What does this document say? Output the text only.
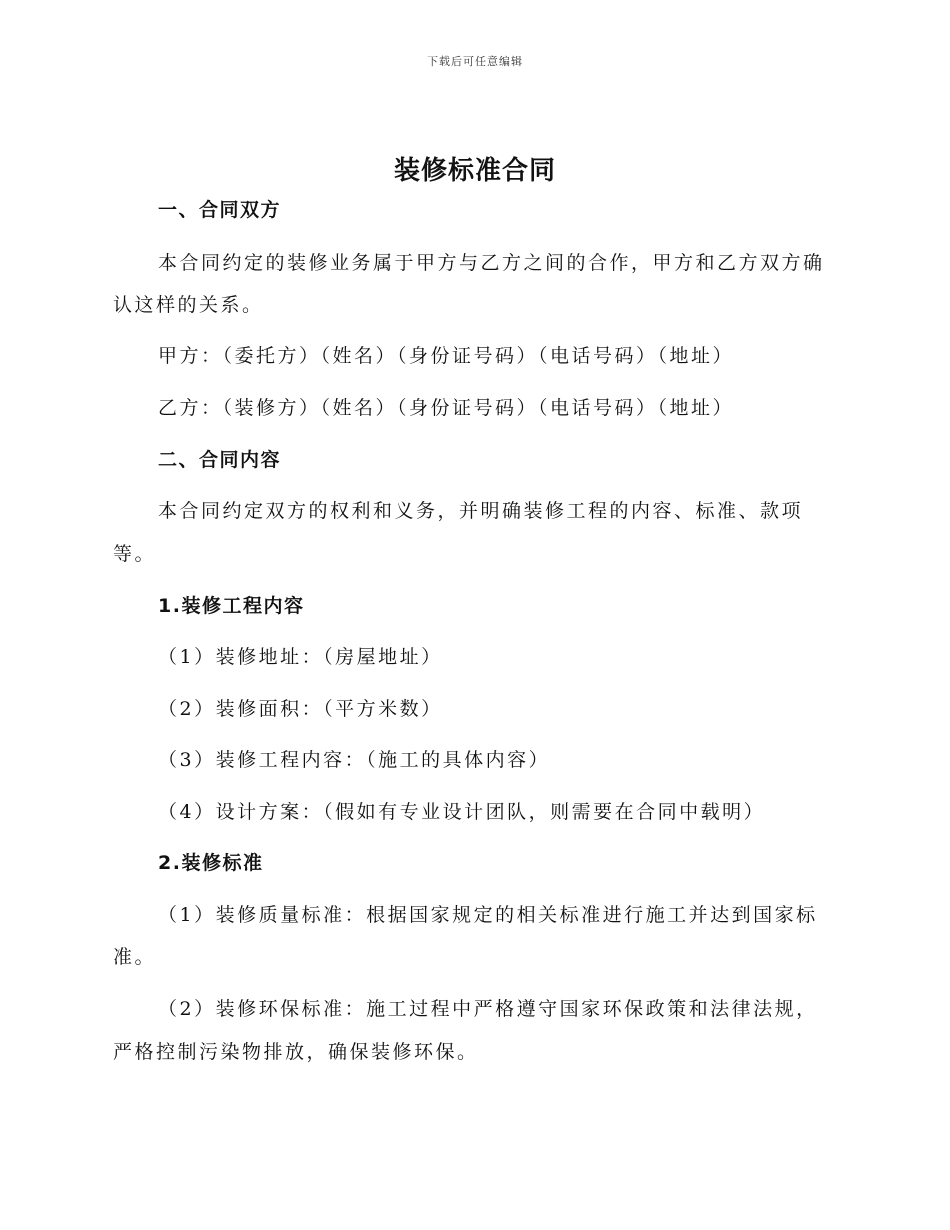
下载后可任意编辑
装修标准合同
一、合同双方
本合同约定的装修业务属于甲方与乙方之间的合作，甲方和乙方双方确
认这样的关系。
甲方：（委托方）（姓名）（身份证号码）（电话号码）（地址）
乙方：（装修方）（姓名）（身份证号码）（电话号码）（地址）
二、合同内容
本合同约定双方的权利和义务，并明确装修工程的内容、标准、款项
等。
1.装修工程内容
（1）装修地址：（房屋地址）
（2）装修面积：（平方米数）
（3）装修工程内容：（施工的具体内容）
（4）设计方案：（假如有专业设计团队，则需要在合同中载明）
2.装修标准
（1）装修质量标准：根据国家规定的相关标准进行施工并达到国家标
准。
（2）装修环保标准：施工过程中严格遵守国家环保政策和法律法规，
严格控制污染物排放，确保装修环保。
